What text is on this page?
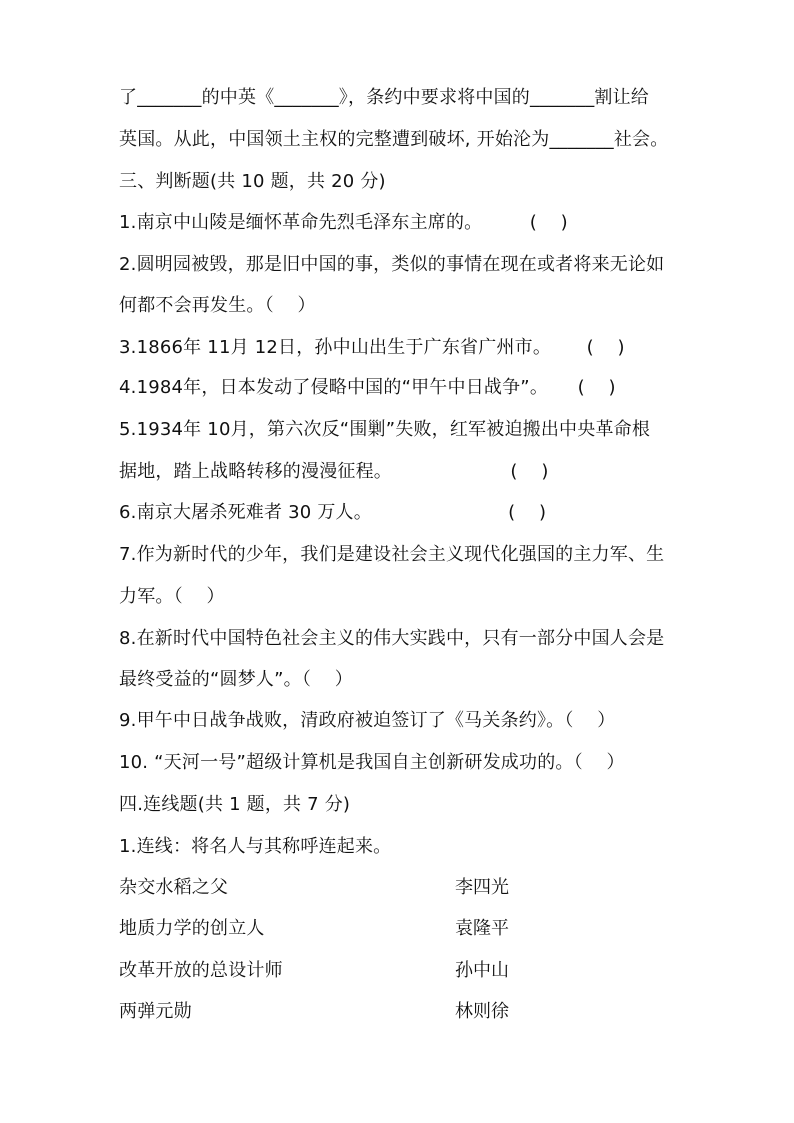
了_______的中英《_______》，条约中要求将中国的_______割让给
英国。从此，中国领土主权的完整遭到破坏, 开始沦为_______社会。
三、判断题(共 10 题，共 20 分)
1.南京中山陵是缅怀革命先烈毛泽东主席的。        (    )
2.圆明园被毁，那是旧中国的事，类似的事情在现在或者将来无论如
何都不会再发生。（    ）
3.1866年 11月 12日，孙中山出生于广东省广州市。      (    )
4.1984年，日本发动了侵略中国的“甲午中日战争”。     (    )
5.1934年 10月，第六次反“围剿”失败，红军被迫搬出中央革命根
据地，踏上战略转移的漫漫征程。                    (    )
6.南京大屠杀死难者 30 万人。                       (    )
7.作为新时代的少年，我们是建设社会主义现代化强国的主力军、生
力军。（    ）
8.在新时代中国特色社会主义的伟大实践中，只有一部分中国人会是
最终受益的“圆梦人”。（    ）
9.甲午中日战争战败，清政府被迫签订了《马关条约》。（    ）
10. “天河一号”超级计算机是我国自主创新研发成功的。（    ）
四.连线题(共 1 题，共 7 分)
1.连线：将名人与其称呼连起来。
杂交水稻之父	李四光
地质力学的创立人	袁隆平
改革开放的总设计师	孙中山
两弹元勋	林则徐
